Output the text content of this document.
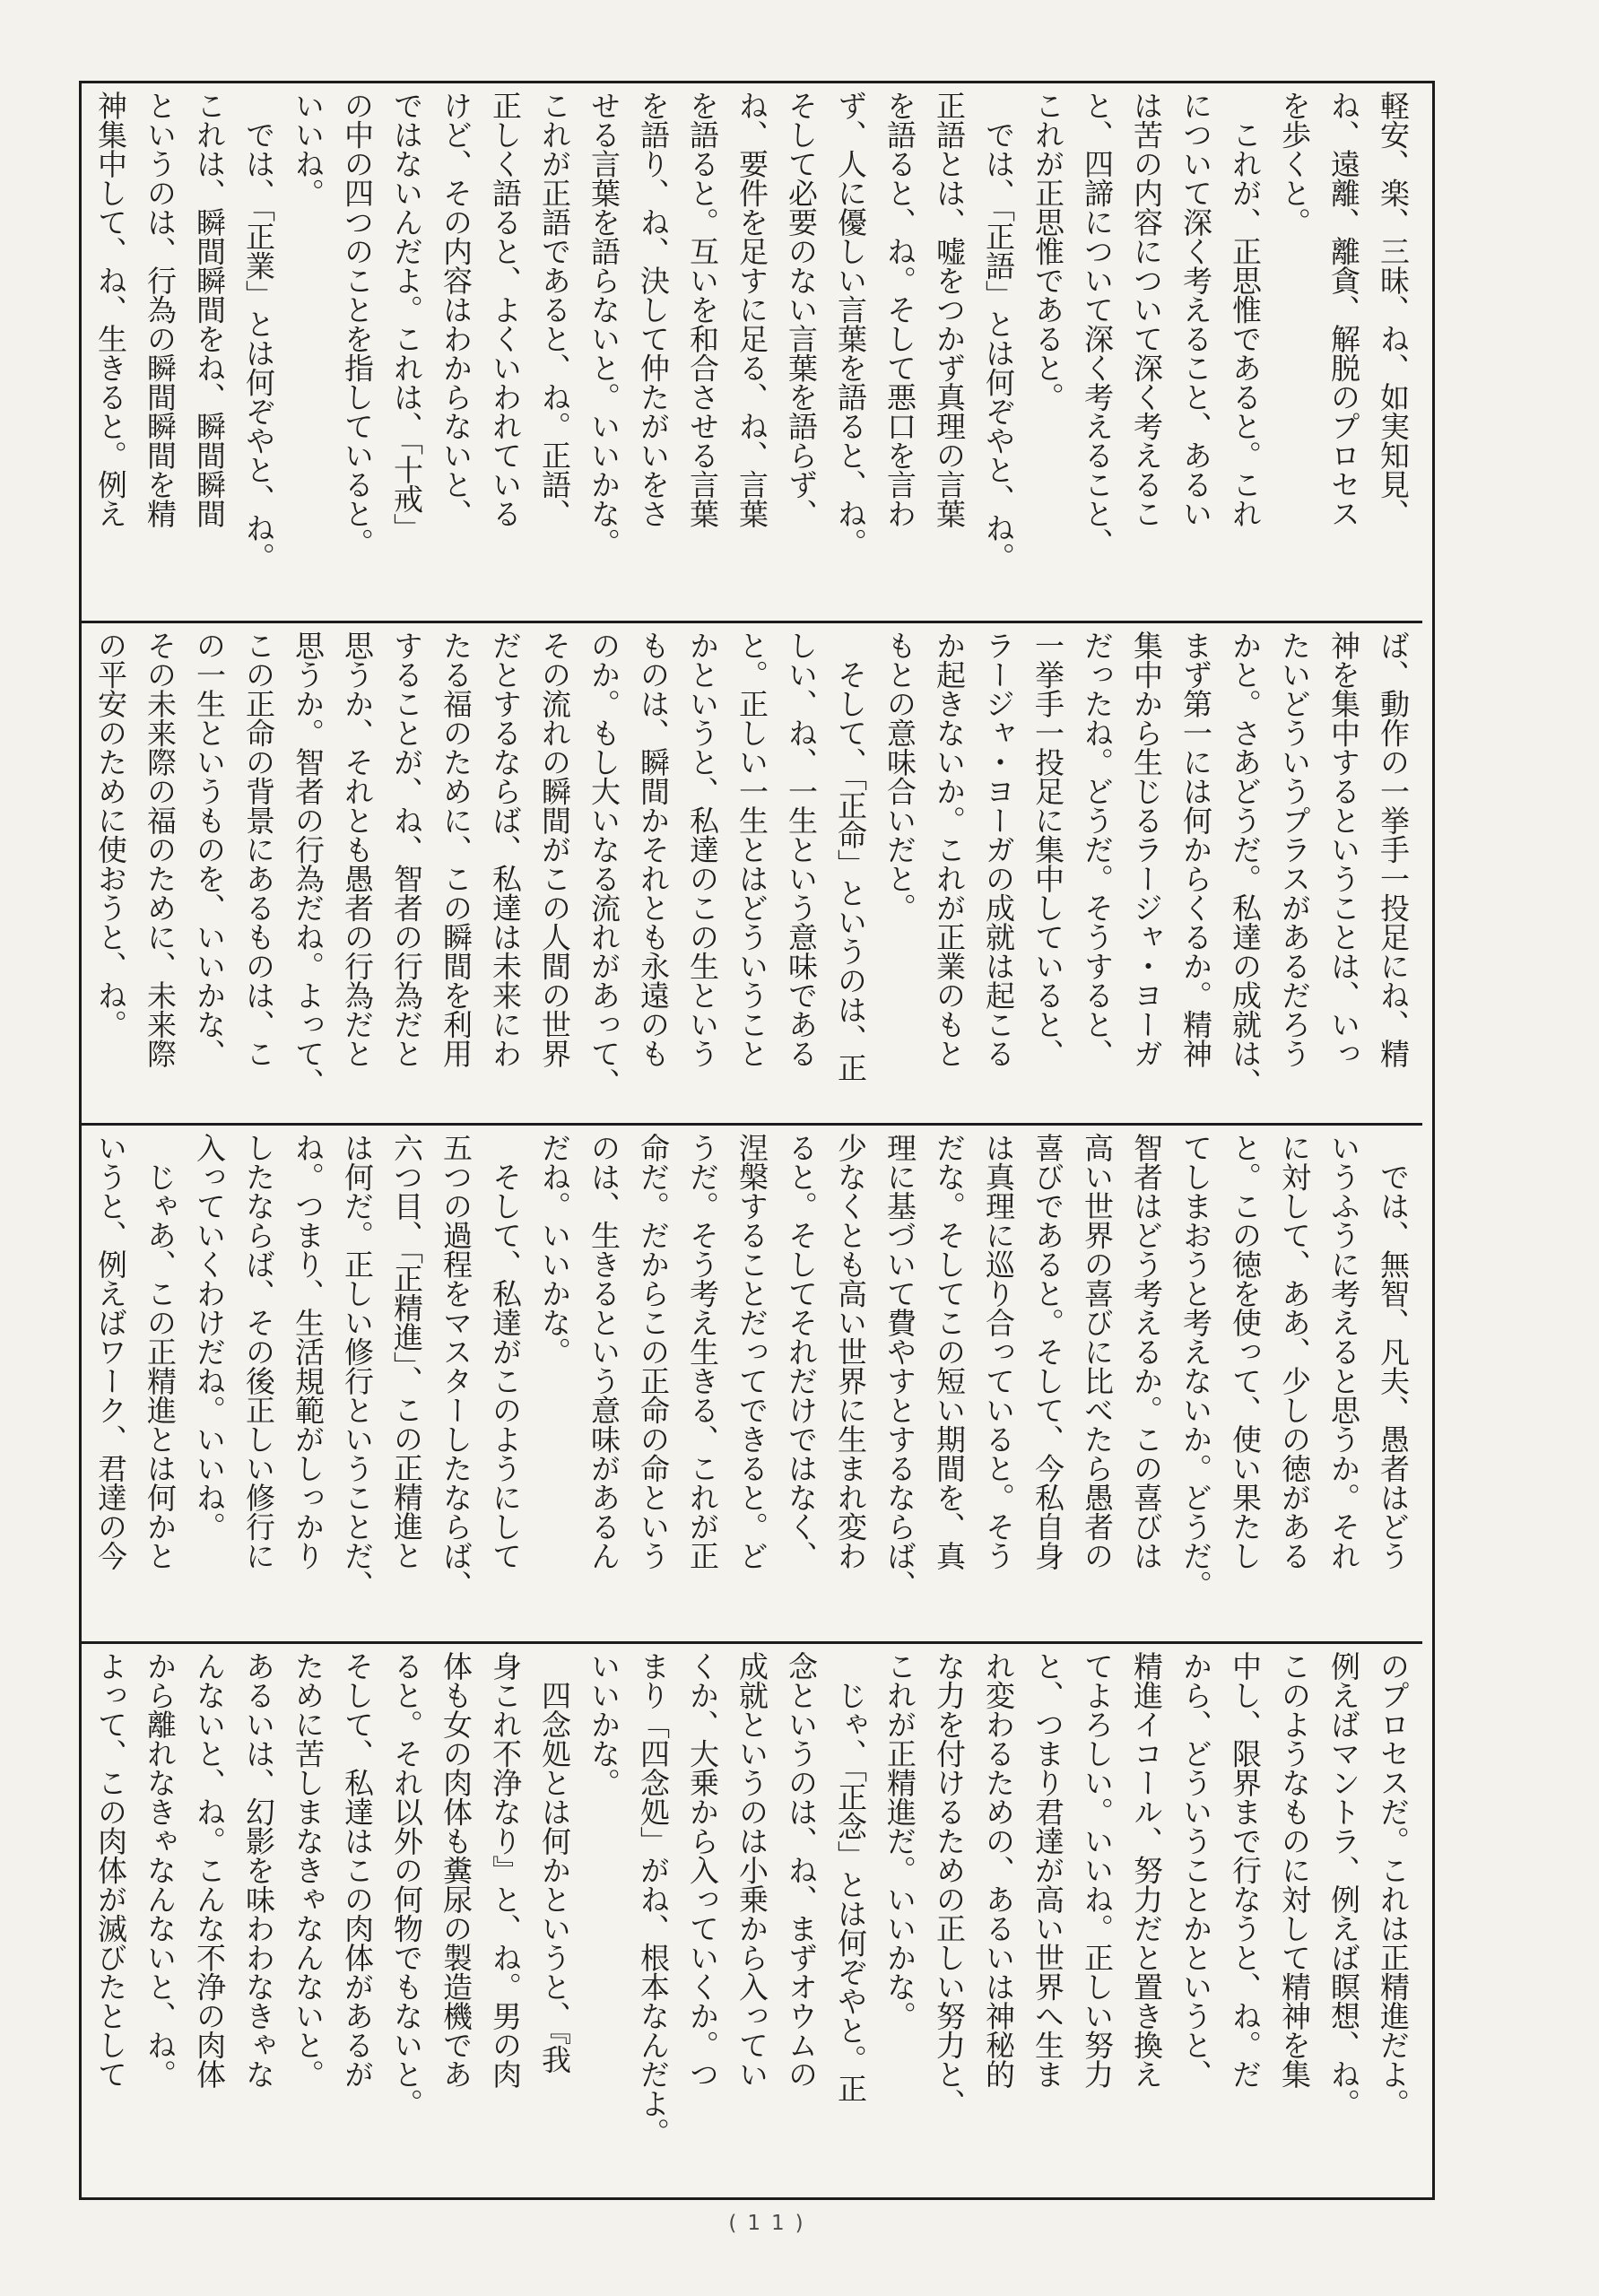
軽安、楽、三昧、ね、如実知見、
ね、遠離、離貪、解脱のプロセス
を歩くと。
　これが、正思惟であると。これ
について深く考えること、あるい
は苦の内容について深く考えるこ
と、四諦について深く考えること、
これが正思惟であると。
　では、「正語」とは何ぞやと、ね。
正語とは、嘘をつかず真理の言葉
を語ると、ね。そして悪口を言わ
ず、人に優しい言葉を語ると、ね。
そして必要のない言葉を語らず、
ね、要件を足すに足る、ね、言葉
を語ると。互いを和合させる言葉
を語り、ね、決して仲たがいをさ
せる言葉を語らないと。いいかな。
これが正語であると、ね。正語、
正しく語ると、よくいわれている
けど、その内容はわからないと、
ではないんだよ。これは、「十戒」
の中の四つのことを指していると。
いいね。
　では、「正業」とは何ぞやと、ね。
これは、瞬間瞬間をね、瞬間瞬間
というのは、行為の瞬間瞬間を精
神集中して、ね、生きると。例え
ば、動作の一挙手一投足にね、精
神を集中するということは、いっ
たいどういうプラスがあるだろう
かと。さあどうだ。私達の成就は、
まず第一には何からくるか。精神
集中から生じるラージャ・ヨーガ
だったね。どうだ。そうすると、
一挙手一投足に集中していると、
ラージャ・ヨーガの成就は起こる
か起きないか。これが正業のもと
もとの意味合いだと。
　そして、「正命」というのは、正
しい、ね、一生という意味である
と。正しい一生とはどういうこと
かというと、私達のこの生という
ものは、瞬間かそれとも永遠のも
のか。もし大いなる流れがあって、
その流れの瞬間がこの人間の世界
だとするならば、私達は未来にわ
たる福のために、この瞬間を利用
することが、ね、智者の行為だと
思うか、それとも愚者の行為だと
思うか。智者の行為だね。よって、
この正命の背景にあるものは、こ
の一生というものを、いいかな、
その未来際の福のために、未来際
の平安のために使おうと、ね。
　では、無智、凡夫、愚者はどう
いうふうに考えると思うか。それ
に対して、ああ、少しの徳がある
と。この徳を使って、使い果たし
てしまおうと考えないか。どうだ。
智者はどう考えるか。この喜びは
高い世界の喜びに比べたら愚者の
喜びであると。そして、今私自身
は真理に巡り合っていると。そう
だな。そしてこの短い期間を、真
理に基づいて費やすとするならば、
少なくとも高い世界に生まれ変わ
ると。そしてそれだけではなく、
涅槃することだってできると。ど
うだ。そう考え生きる、これが正
命だ。だからこの正命の命という
のは、生きるという意味があるん
だね。いいかな。
　そして、私達がこのようにして
五つの過程をマスターしたならば、
六つ目、「正精進」、この正精進と
は何だ。正しい修行ということだ、
ね。つまり、生活規範がしっかり
したならば、その後正しい修行に
入っていくわけだね。いいね。
　じゃあ、この正精進とは何かと
いうと、例えばワーク、君達の今
のプロセスだ。これは正精進だよ。
例えばマントラ、例えば瞑想、ね。
このようなものに対して精神を集
中し、限界まで行なうと、ね。だ
から、どういうことかというと、
精進イコール、努力だと置き換え
てよろしい。いいね。正しい努力
と、つまり君達が高い世界へ生ま
れ変わるための、あるいは神秘的
な力を付けるための正しい努力と、
これが正精進だ。いいかな。
　じゃ、「正念」とは何ぞやと。正
念というのは、ね、まずオウムの
成就というのは小乗から入ってい
くか、大乗から入っていくか。つ
まり「四念処」がね、根本なんだよ。
いいかな。
　四念処とは何かというと、『我
身これ不浄なり』と、ね。男の肉
体も女の肉体も糞尿の製造機であ
ると。それ以外の何物でもないと。
そして、私達はこの肉体があるが
ために苦しまなきゃなんないと。
あるいは、幻影を味わわなきゃな
んないと、ね。こんな不浄の肉体
から離れなきゃなんないと、ね。
よって、この肉体が滅びたとして
(11)
